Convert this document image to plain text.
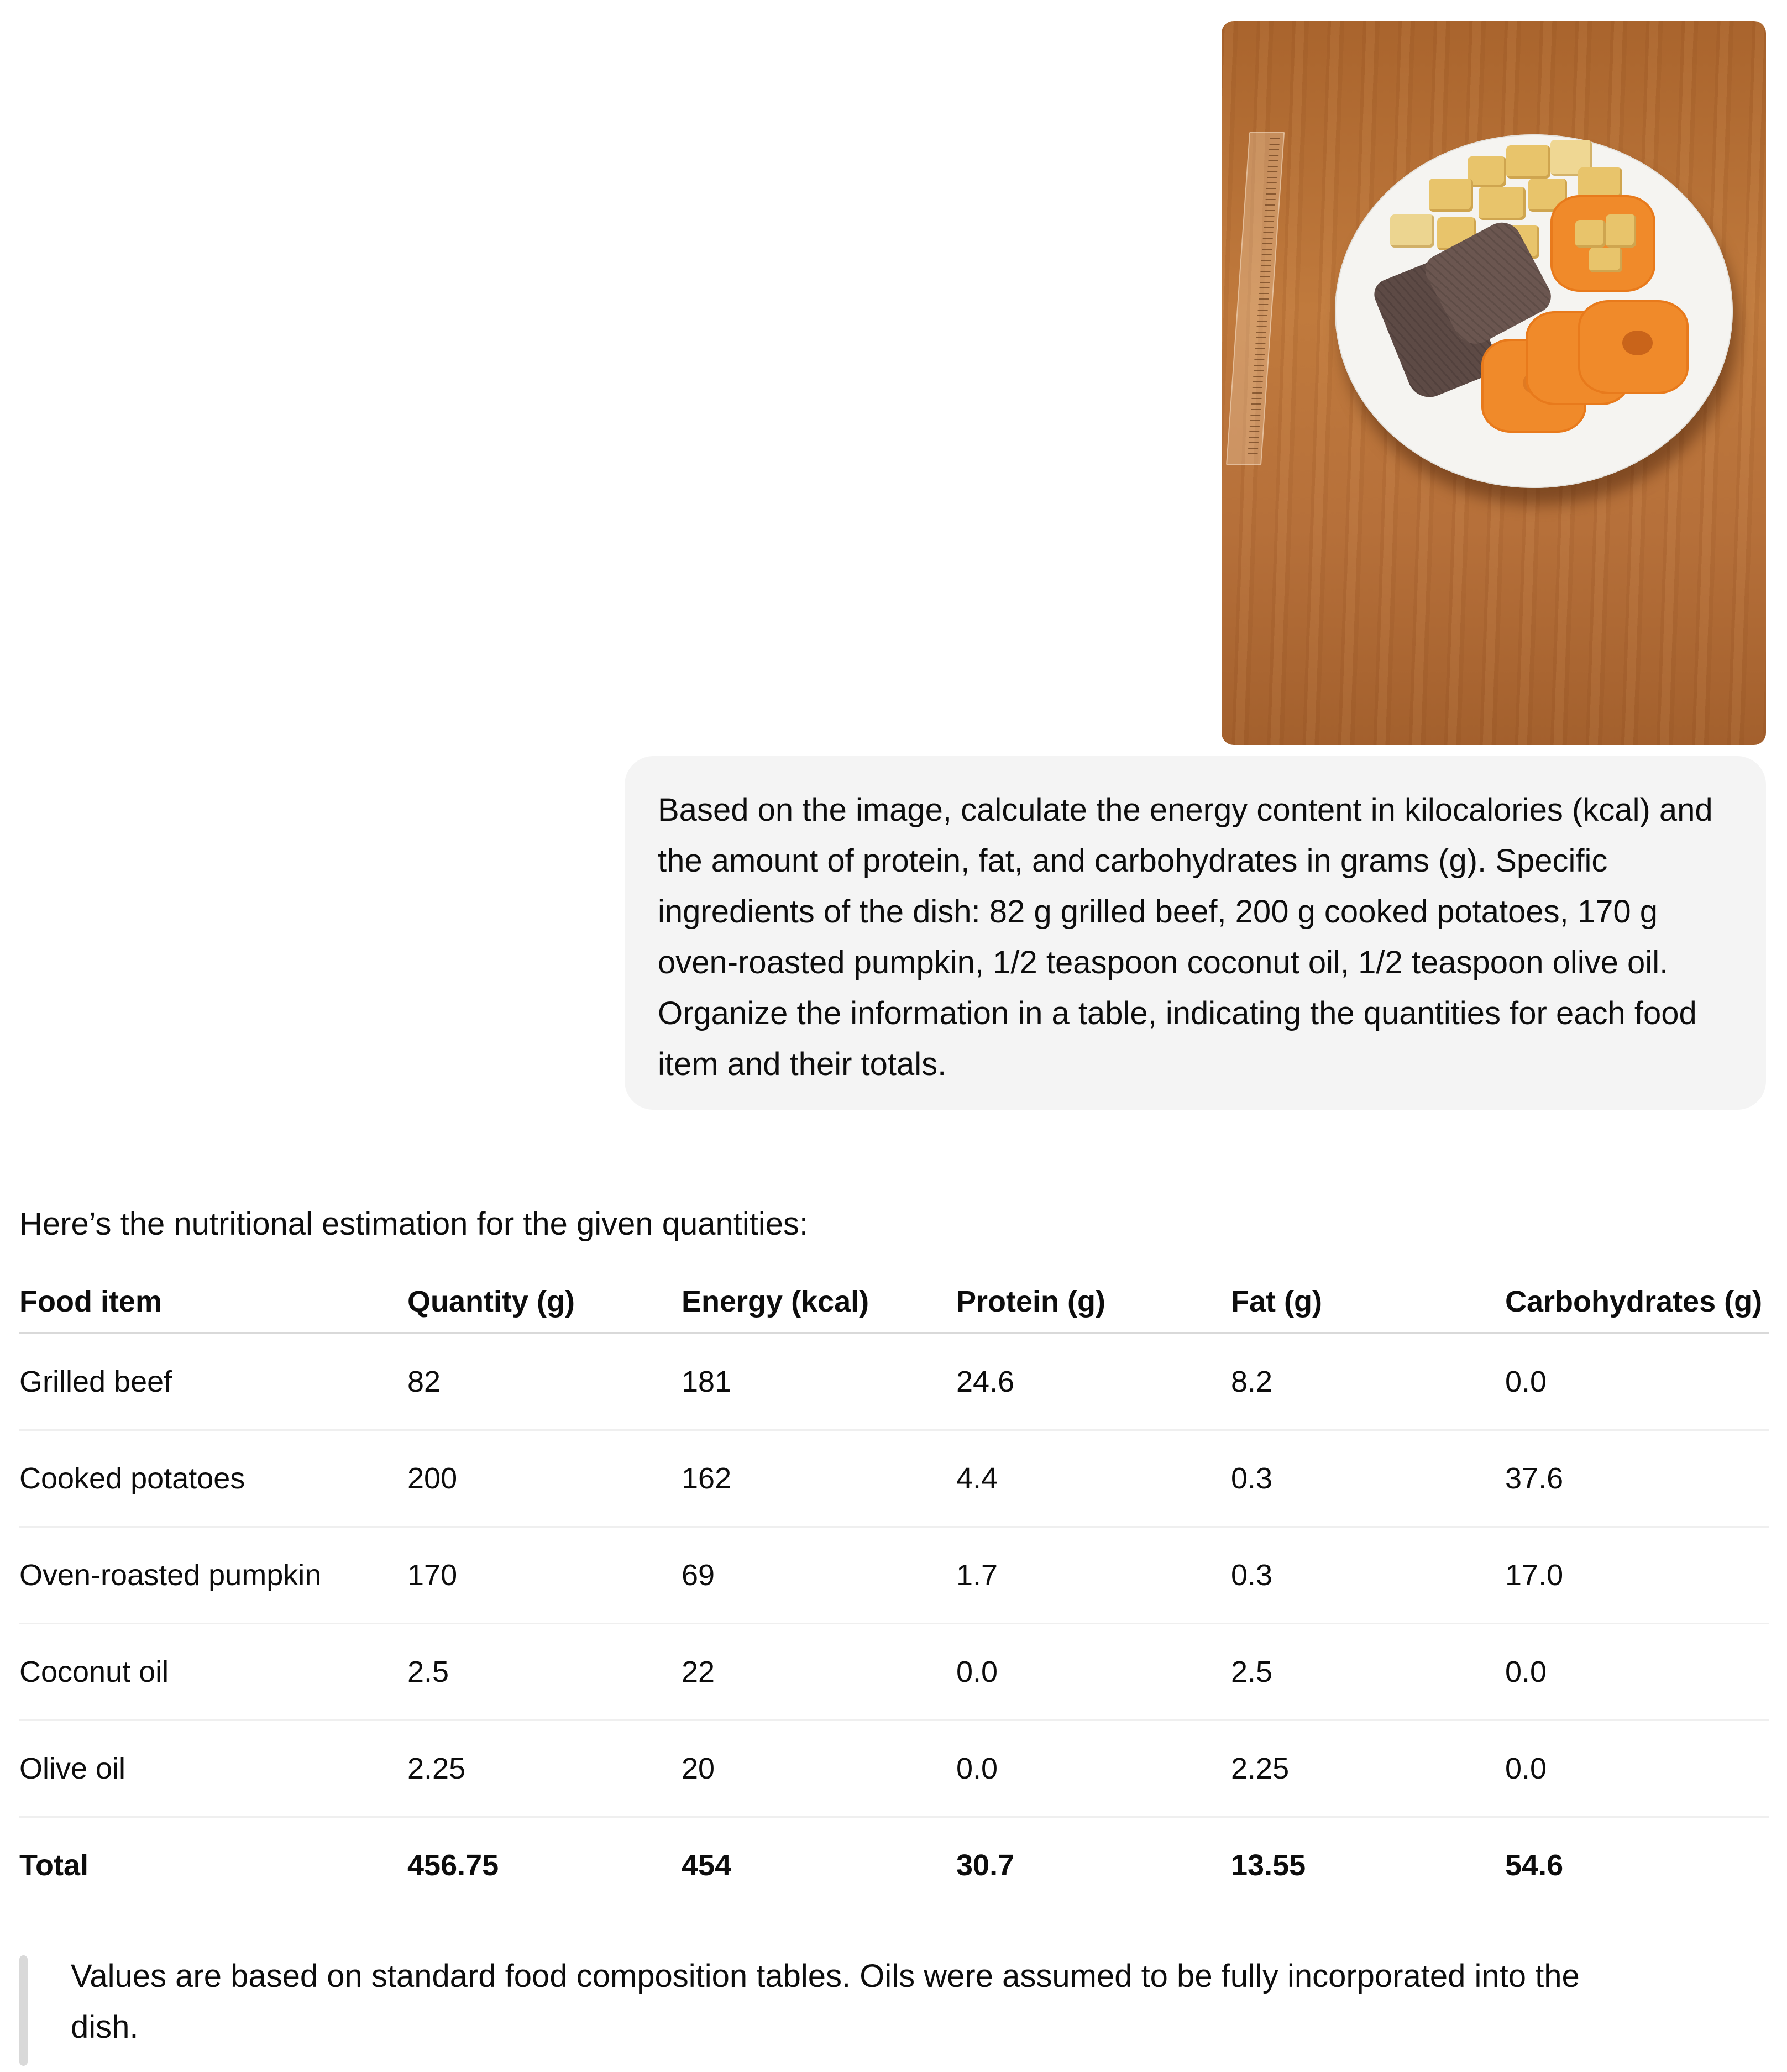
Based on the image, calculate the energy content in kilocalories (kcal) and the amount of protein, fat, and carbohydrates in grams (g). Specific ingredients of the dish: 82 g grilled beef, 200 g cooked potatoes, 170 g oven-roasted pumpkin, 1/2 teaspoon coconut oil, 1/2 teaspoon olive oil. Organize the information in a table, indicating the quantities for each food item and their totals.

Here’s the nutritional estimation for the given quantities:

Food item	Quantity (g)	Energy (kcal)	Protein (g)	Fat (g)	Carbohydrates (g)
Grilled beef	82	181	24.6	8.2	0.0
Cooked potatoes	200	162	4.4	0.3	37.6
Oven-roasted pumpkin	170	69	1.7	0.3	17.0
Coconut oil	2.5	22	0.0	2.5	0.0
Olive oil	2.25	20	0.0	2.25	0.0
Total	456.75	454	30.7	13.55	54.6

Values are based on standard food composition tables. Oils were assumed to be fully incorporated into the dish.
